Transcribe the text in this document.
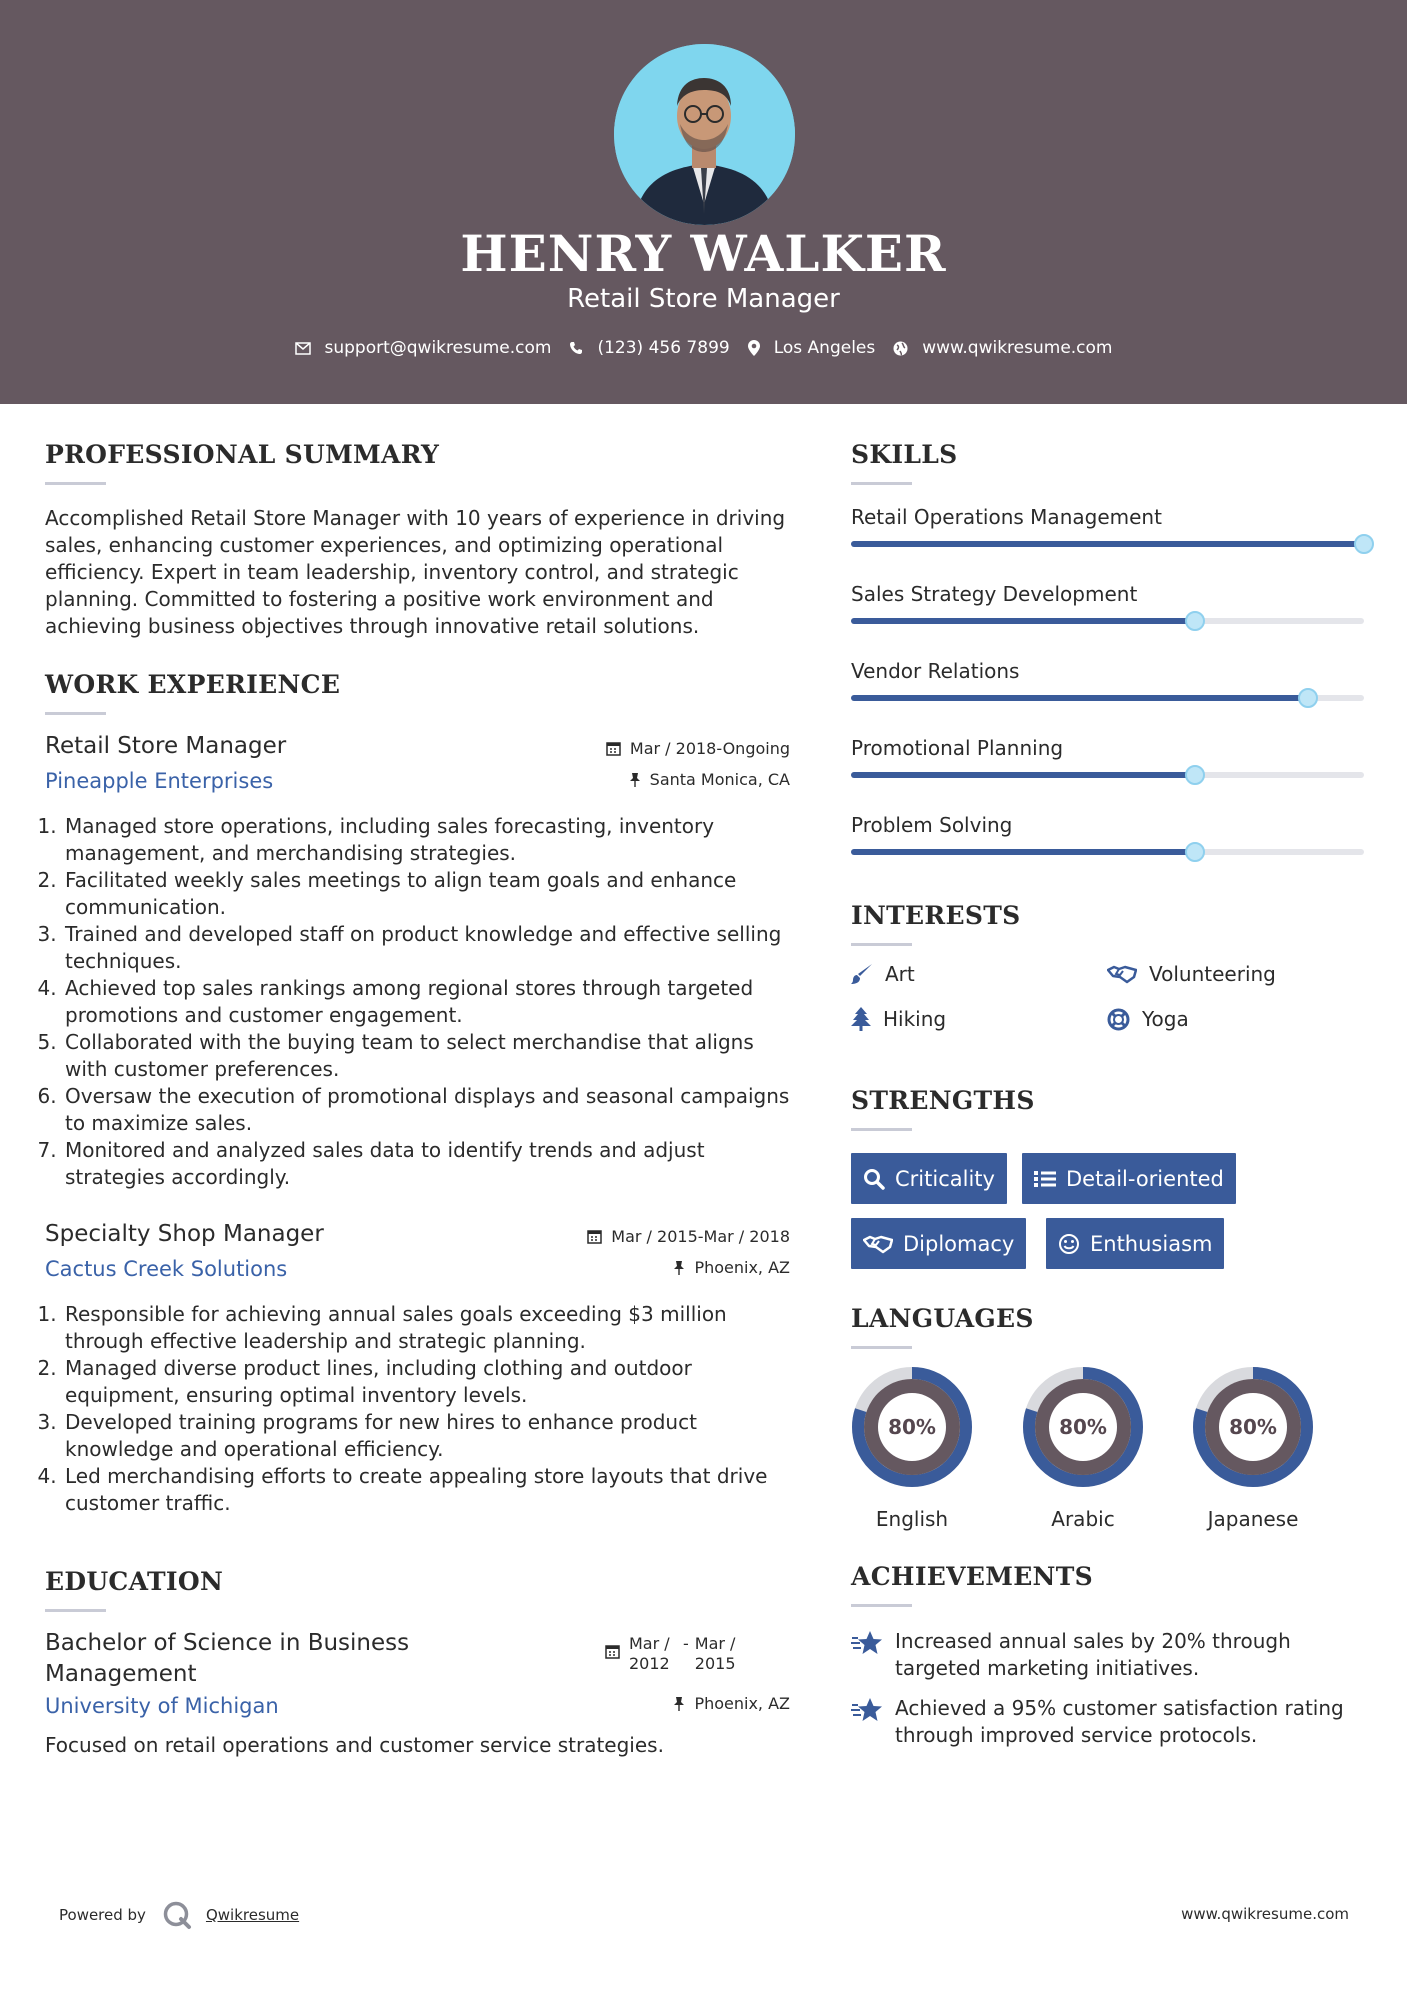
HENRY WALKER
Retail Store Manager
support@qwikresume.com	(123) 456 7899	Los Angeles	www.qwikresume.com
PROFESSIONAL SUMMARY

Accomplished Retail Store Manager with 10 years of experience in driving sales, enhancing customer experiences, and optimizing operational efficiency. Expert in team leadership, inventory control, and strategic planning. Committed to fostering a positive work environment and achieving business objectives through innovative retail solutions.

WORK EXPERIENCE
Retail Store Manager
Pineapple Enterprises
Mar / 2018-Ongoing
Santa Monica, CA
1. Managed store operations, including sales forecasting, inventory management, and merchandising strategies.
2. Facilitated weekly sales meetings to align team goals and enhance communication.
3. Trained and developed staff on product knowledge and effective selling techniques.
4. Achieved top sales rankings among regional stores through targeted promotions and customer engagement.
5. Collaborated with the buying team to select merchandise that aligns with customer preferences.
6. Oversaw the execution of promotional displays and seasonal campaigns to maximize sales.
7. Monitored and analyzed sales data to identify trends and adjust strategies accordingly.
Specialty Shop Manager
Cactus Creek Solutions
Mar / 2015-Mar / 2018
Phoenix, AZ
1. Responsible for achieving annual sales goals exceeding $3 million through effective leadership and strategic planning.
2. Managed diverse product lines, including clothing and outdoor equipment, ensuring optimal inventory levels.
3. Developed training programs for new hires to enhance product knowledge and operational efficiency.
4. Led merchandising efforts to create appealing store layouts that drive customer traffic.
EDUCATION
Bachelor of Science in Business Management
University of Michigan
Mar / 2012
- Mar / 2015
Phoenix, AZ

Focused on retail operations and customer service strategies.

SKILLS
Retail Operations Management
Sales Strategy Development
Vendor Relations
Promotional Planning
Problem Solving
INTERESTS
Art	Volunteering
Hiking	Yoga
STRENGTHS
Criticality	Detail-oriented
Diplomacy	Enthusiasm
LANGUAGES
80%
English
80%
Arabic
80%
Japanese
ACHIEVEMENTS
Increased annual sales by 20% through targeted marketing initiatives.
Achieved a 95% customer satisfaction rating through improved service protocols.
Powered by	Qwikresume	www.qwikresume.com
